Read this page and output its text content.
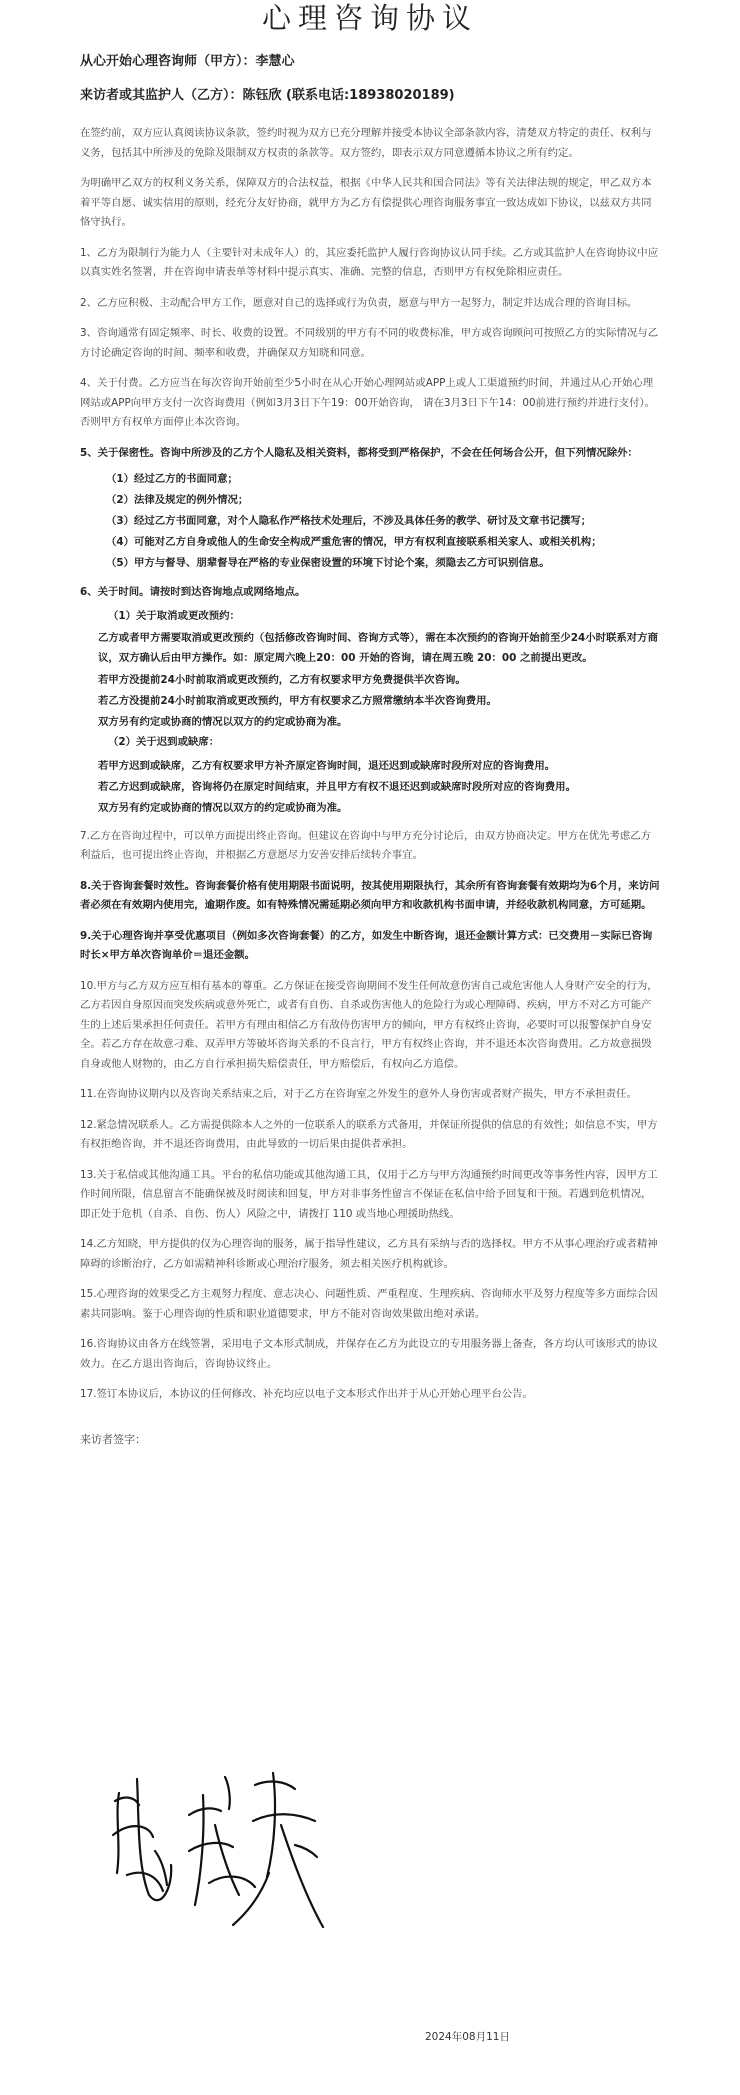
心理咨询协议
从心开始心理咨询师（甲方）：李慧心
来访者或其监护人（乙方）：陈钰欣 (联系电话:18938020189)

在签约前，双方应认真阅读协议条款，签约时视为双方已充分理解并接受本协议全部条款内容，清楚双方特定的责任、权利与义务，包括其中所涉及的免除及限制双方权责的条款等。双方签约，即表示双方同意遵循本协议之所有约定。

为明确甲乙双方的权利义务关系，保障双方的合法权益，根据《中华人民共和国合同法》等有关法律法规的规定，甲乙双方本着平等自愿、诚实信用的原则，经充分友好协商，就甲方为乙方有偿提供心理咨询服务事宜一致达成如下协议，以兹双方共同恪守执行。

1、乙方为限制行为能力人（主要针对未成年人）的，其应委托监护人履行咨询协议认同手续。乙方或其监护人在咨询协议中应以真实姓名签署，并在咨询申请表单等材料中提示真实、准确、完整的信息，否则甲方有权免除相应责任。

2、乙方应积极、主动配合甲方工作，愿意对自己的选择或行为负责，愿意与甲方一起努力，制定并达成合理的咨询目标。

3、咨询通常有固定频率、时长、收费的设置。不同级别的甲方有不同的收费标准，甲方或咨询顾问可按照乙方的实际情况与乙方讨论确定咨询的时间、频率和收费，并确保双方知晓和同意。

4、关于付费。乙方应当在每次咨询开始前至少5小时在从心开始心理网站或APP上或人工渠道预约时间，并通过从心开始心理网站或APP向甲方支付一次咨询费用（例如3月3日下午19：00开始咨询， 请在3月3日下午14：00前进行预约并进行支付）。否则甲方有权单方面停止本次咨询。

5、关于保密性。咨询中所涉及的乙方个人隐私及相关资料，都将受到严格保护，不会在任何场合公开，但下列情况除外：

（1）经过乙方的书面同意；
（2）法律及规定的例外情况；
（3）经过乙方书面同意，对个人隐私作严格技术处理后，不涉及具体任务的教学、研讨及文章书记撰写；
（4）可能对乙方自身或他人的生命安全构成严重危害的情况，甲方有权利直接联系相关家人、或相关机构；
（5）甲方与督导、朋辈督导在严格的专业保密设置的环境下讨论个案，须隐去乙方可识别信息。
6、关于时间。请按时到达咨询地点或网络地点。
（1）关于取消或更改预约：
乙方或者甲方需要取消或更改预约（包括修改咨询时间、咨询方式等），需在本次预约的咨询开始前至少24小时联系对方商议，双方确认后由甲方操作。如：原定周六晚上20：00 开始的咨询，请在周五晚 20：00 之前提出更改。
若甲方没提前24小时前取消或更改预约，乙方有权要求甲方免费提供半次咨询。
若乙方没提前24小时前取消或更改预约，甲方有权要求乙方照常缴纳本半次咨询费用。
双方另有约定或协商的情况以双方的约定或协商为准。
（2）关于迟到或缺席：
若甲方迟到或缺席，乙方有权要求甲方补齐原定咨询时间，退还迟到或缺席时段所对应的咨询费用。
若乙方迟到或缺席，咨询将仍在原定时间结束，并且甲方有权不退还迟到或缺席时段所对应的咨询费用。
双方另有约定或协商的情况以双方的约定或协商为准。

7.乙方在咨询过程中，可以单方面提出终止咨询。但建议在咨询中与甲方充分讨论后，由双方协商决定。甲方在优先考虑乙方利益后，也可提出终止咨询，并根据乙方意愿尽力安善安排后续转介事宜。

8.关于咨询套餐时效性。咨询套餐价格有使用期限书面说明，按其使用期限执行，其余所有咨询套餐有效期均为6个月，来访问者必须在有效期内使用完，逾期作废。如有特殊情况需延期必须向甲方和收款机构书面申请，并经收款机构同意，方可延期。

9.关于心理咨询并享受优惠项目（例如多次咨询套餐）的乙方，如发生中断咨询，退还金额计算方式：已交费用－实际已咨询时长×甲方单次咨询单价＝退还金额。

10.甲方与乙方双方应互相有基本的尊重。乙方保证在接受咨询期间不发生任何故意伤害自己或危害他人人身财产安全的行为，乙方若因自身原因而突发疾病或意外死亡，或者有自伤、自杀或伤害他人的危险行为或心理障碍、疾病，甲方不对乙方可能产生的上述后果承担任何责任。若甲方有理由相信乙方有敌侍伤害甲方的倾向，甲方有权终止咨询，必要时可以报警保护自身安全。若乙方存在故意刁难、双弄甲方等破坏咨询关系的不良言行，甲方有权终止咨询，并不退还本次咨询费用。乙方故意损毁自身或他人财物的，由乙方自行承担损失赔偿责任，甲方赔偿后，有权向乙方追偿。

11.在咨询协议期内以及咨询关系结束之后，对于乙方在咨询室之外发生的意外人身伤害或者财产损失，甲方不承担责任。

12.紧急情况联系人。乙方需提供除本人之外的一位联系人的联系方式备用，并保证所提供的信息的有效性；如信息不实，甲方有权拒绝咨询，并不退还咨询费用，由此导致的一切后果由提供者承担。

13.关于私信或其他沟通工具。平台的私信功能或其他沟通工具，仅用于乙方与甲方沟通预约时间更改等事务性内容，因甲方工作时间所限，信息留言不能确保被及时阅读和回复，甲方对非事务性留言不保证在私信中给予回复和干预。若遇到危机情况，即正处于危机（自杀、自伤、伤人）风险之中，请拨打 110 或当地心理援助热线。

14.乙方知晓，甲方提供的仅为心理咨询的服务，属于指导性建议，乙方具有采纳与否的选择权。甲方不从事心理治疗或者精神障碍的诊断治疗，乙方如需精神科诊断或心理治疗服务，须去相关医疗机构就诊。

15.心理咨询的效果受乙方主观努力程度、意志决心、问题性质、严重程度、生理疾病、咨询师水平及努力程度等多方面综合因素共同影响。鉴于心理咨询的性质和职业道德要求，甲方不能对咨询效果做出绝对承诺。

16.咨询协议由各方在线签署，采用电子文本形式制成，并保存在乙方为此设立的专用服务器上备查，各方均认可该形式的协议效力。在乙方退出咨询后，咨询协议终止。

17.签订本协议后，本协议的任何修改、补充均应以电子文本形式作出并于从心开始心理平台公告。

来访者签字：
2024年08月11日
